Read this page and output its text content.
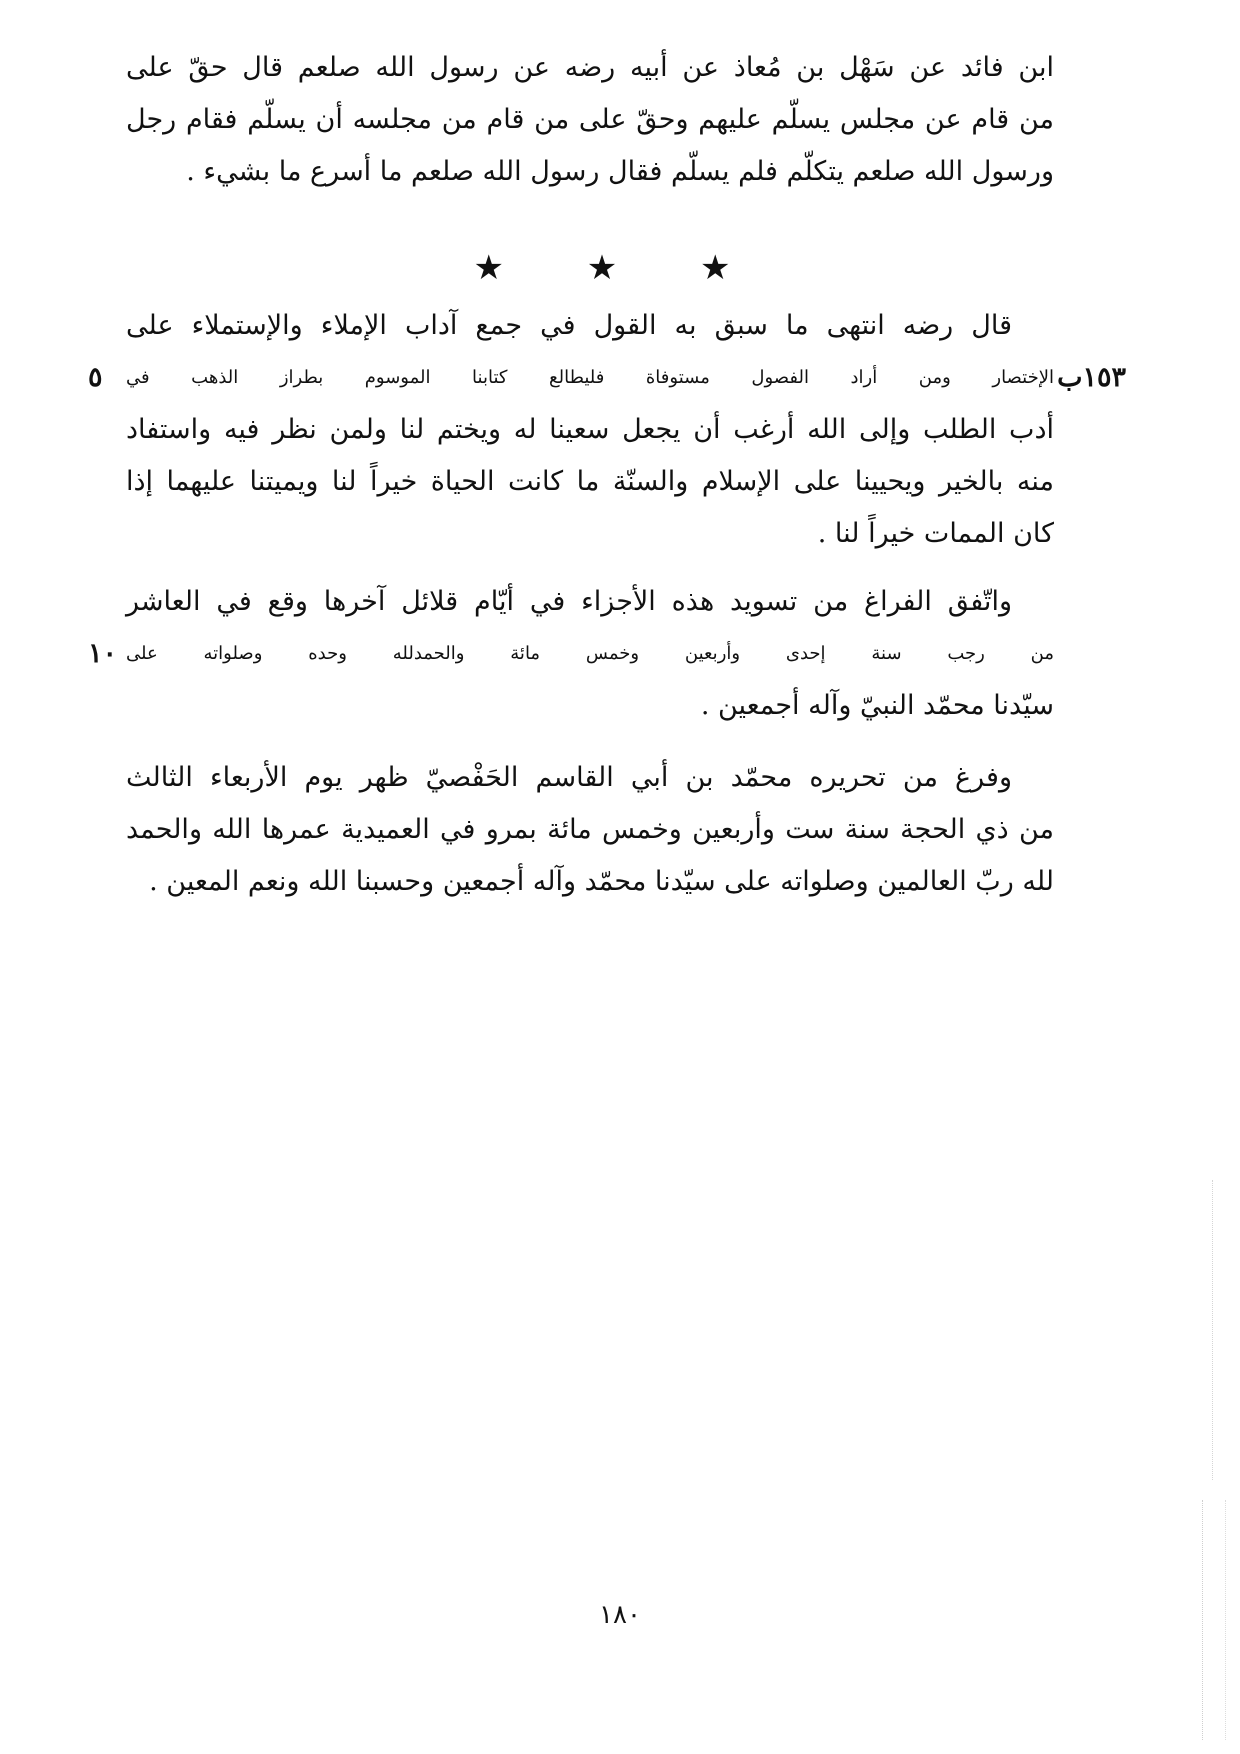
ابن فائد عن سَهْل بن مُعاذ عن أبيه رضه عن رسول الله صلعم قال حقّ على
من قام عن مجلس يسلّم عليهم وحقّ على من قام من مجلسه أن يسلّم فقام رجل
ورسول الله صلعم يتكلّم فلم يسلّم فقال رسول الله صلعم ما أسرع ما بشيء .
★ ★ ★
قال رضه انتهى ما سبق به القول في جمع آداب الإملاء والإستملاء على
الإختصار ومن أراد الفصول مستوفاة فليطالع كتابنا الموسوم بطراز الذهب في ١٥٣ب
٥
أدب الطلب وإلى الله أرغب أن يجعل سعينا له ويختم لنا ولمن نظر فيه واستفاد
منه بالخير ويحيينا على الإسلام والسنّة ما كانت الحياة خيراً لنا ويميتنا عليهما إذا
كان الممات خيراً لنا .
واتّفق الفراغ من تسويد هذه الأجزاء في أيّام قلائل آخرها وقع في العاشر
من رجب سنة إحدى وأربعين وخمس مائة والحمدلله وحده وصلواته على
١٠
سيّدنا محمّد النبيّ وآله أجمعين .
وفرغ من تحريره محمّد بن أبي القاسم الحَفْصيّ ظهر يوم الأربعاء الثالث
من ذي الحجة سنة ست وأربعين وخمس مائة بمرو في العميدية عمرها الله والحمد
لله ربّ العالمين وصلواته على سيّدنا محمّد وآله أجمعين وحسبنا الله ونعم المعين .
١٨٠
